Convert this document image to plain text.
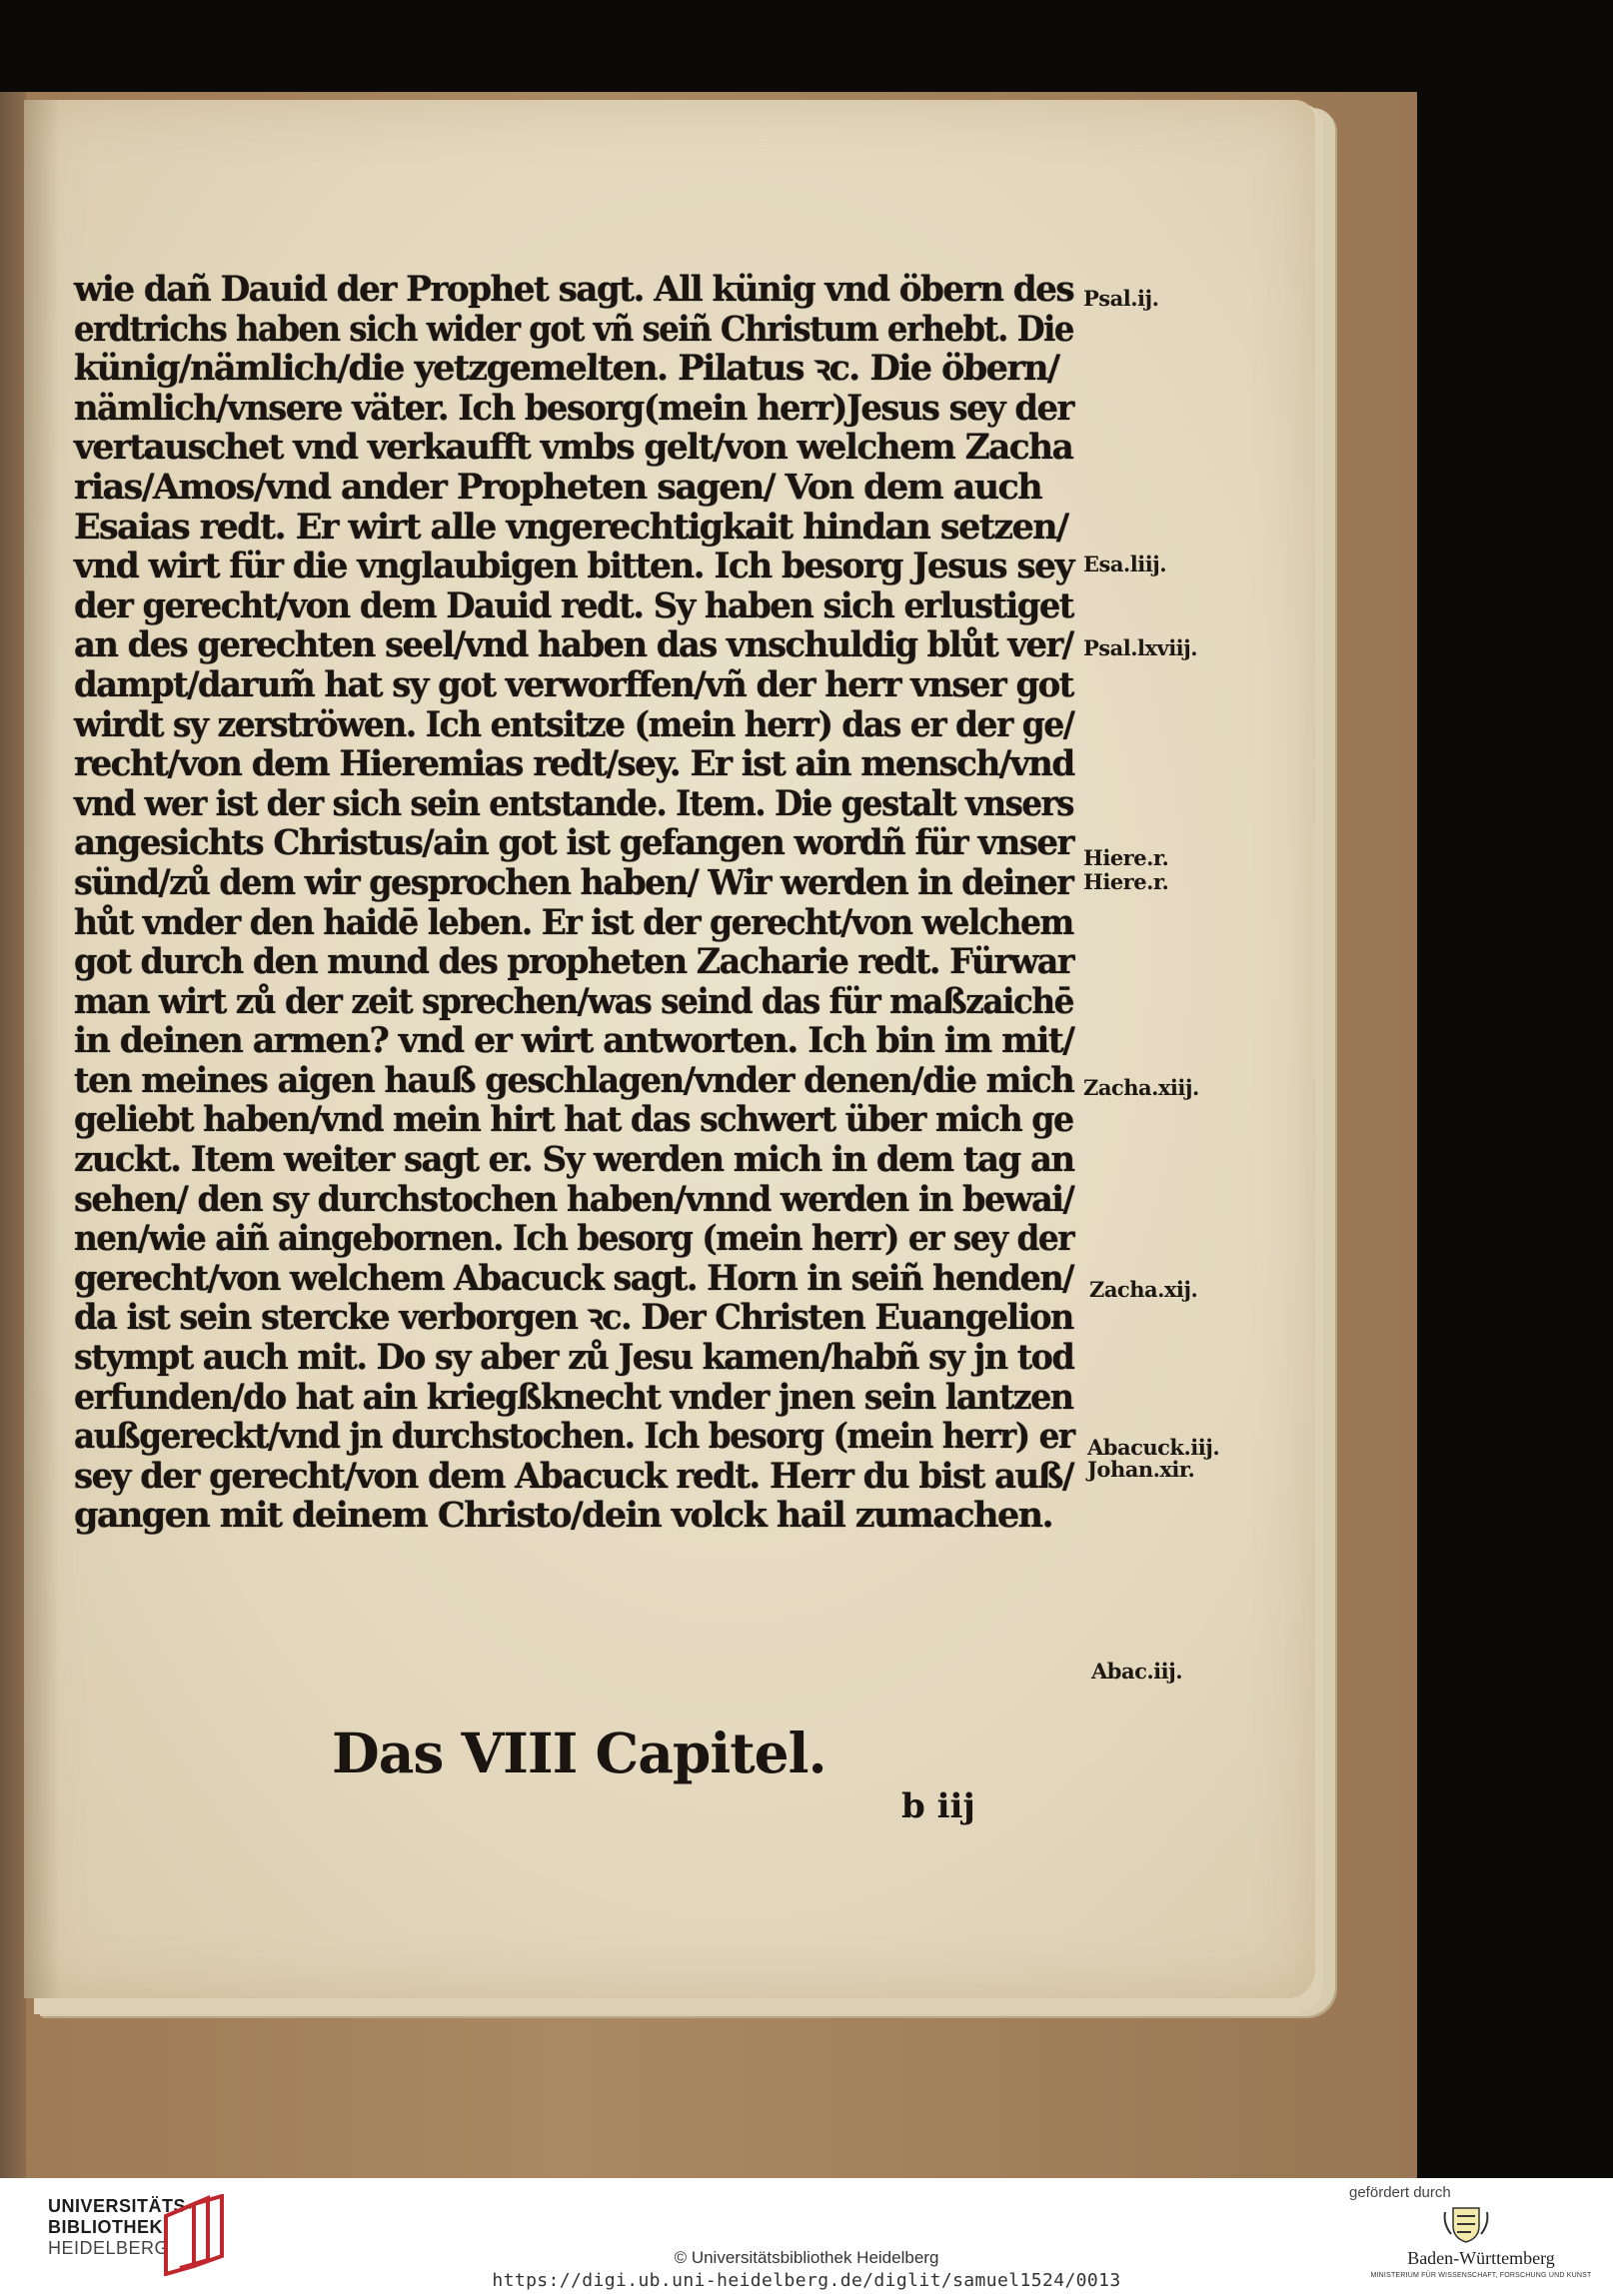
wie dañ Dauid der Prophet sagt. All künig vnd öbern des
erdtrichs haben sich wider got vñ seiñ Christum erhebt. Die
künig/nämlich/die yetzgemelten. Pilatus ꝛc. Die öbern/
nämlich/vnsere väter. Ich besorg(mein herr)Jesus sey der
vertauschet vnd verkaufft vmbs gelt/von welchem Zacha
rias/Amos/vnd ander Propheten sagen/ Von dem auch
Esaias redt. Er wirt alle vngerechtigkait hindan setzen/
vnd wirt für die vnglaubigen bitten. Ich besorg Jesus sey
der gerecht/von dem Dauid redt. Sy haben sich erlustiget
an des gerechten seel/vnd haben das vnschuldig blůt ver/
dampt/darum̃ hat sy got verworffen/vñ der herr vnser got
wirdt sy zerströwen. Ich entsitze (mein herr) das er der ge/
recht/von dem Hieremias redt/sey. Er ist ain mensch/vnd
vnd wer ist der sich sein entstande. Item. Die gestalt vnsers
angesichts Christus/ain got ist gefangen wordñ für vnser
sünd/zů dem wir gesprochen haben/ Wir werden in deiner
hůt vnder den haidē leben. Er ist der gerecht/von welchem
got durch den mund des propheten Zacharie redt. Fürwar
man wirt zů der zeit sprechen/was seind das für maßzaichē
in deinen armen? vnd er wirt antworten. Ich bin im mit/
ten meines aigen hauß geschlagen/vnder denen/die mich
geliebt haben/vnd mein hirt hat das schwert über mich ge
zuckt. Item weiter sagt er. Sy werden mich in dem tag an
sehen/ den sy durchstochen haben/vnnd werden in bewai/
nen/wie aiñ aingebornen. Ich besorg (mein herr) er sey der
gerecht/von welchem Abacuck sagt. Horn in seiñ henden/
da ist sein stercke verborgen ꝛc. Der Christen Euangelion
stympt auch mit. Do sy aber zů Jesu kamen/habñ sy jn tod
erfunden/do hat ain kriegßknecht vnder jnen sein lantzen
außgereckt/vnd jn durchstochen. Ich besorg (mein herr) er
sey der gerecht/von dem Abacuck redt. Herr du bist auß/
gangen mit deinem Christo/dein volck hail zumachen.
Psal.ij.
Esa.liij.
Psal.lxviij.
Hiere.r.
Hiere.r.
Zacha.xiij.
Zacha.xij.
Abacuck.iij.
Johan.xir.
Abac.iij.
Das VIII Capitel.
b iij
UNIVERSITÄTS-
BIBLIOTHEK
HEIDELBERG	© Universitätsbibliothek Heidelberg
https://digi.ub.uni-heidelberg.de/diglit/samuel1524/0013
gefördert durch
Baden-Württemberg
MINISTERIUM FÜR WISSENSCHAFT, FORSCHUNG UND KUNST
